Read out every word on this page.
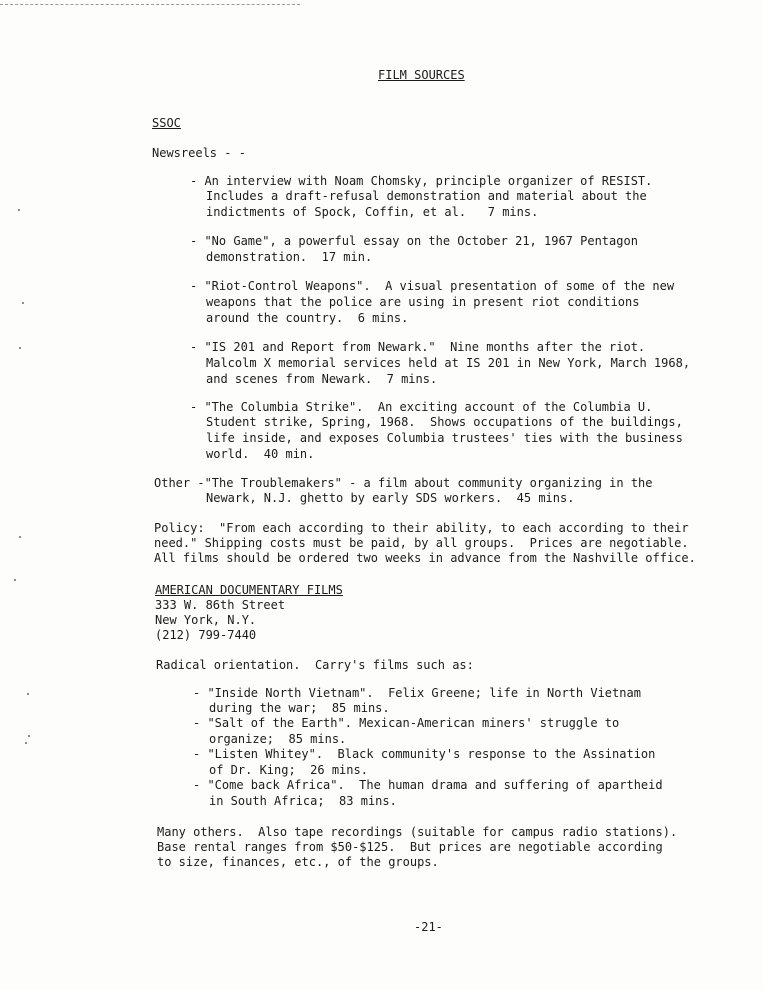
FILM SOURCES
SSOC
Newsreels - -
- An interview with Noam Chomsky, principle organizer of RESIST.
Includes a draft-refusal demonstration and material about the
indictments of Spock, Coffin, et al.   7 mins.
- "No Game", a powerful essay on the October 21, 1967 Pentagon
demonstration.  17 min.
- "Riot-Control Weapons".  A visual presentation of some of the new
weapons that the police are using in present riot conditions
around the country.  6 mins.
- "IS 201 and Report from Newark."  Nine months after the riot.
Malcolm X memorial services held at IS 201 in New York, March 1968,
and scenes from Newark.  7 mins.
- "The Columbia Strike".  An exciting account of the Columbia U.
Student strike, Spring, 1968.  Shows occupations of the buildings,
life inside, and exposes Columbia trustees' ties with the business
world.  40 min.
Other -"The Troublemakers" - a film about community organizing in the
Newark, N.J. ghetto by early SDS workers.  45 mins.
Policy:  "From each according to their ability, to each according to their
need." Shipping costs must be paid, by all groups.  Prices are negotiable.
All films should be ordered two weeks in advance from the Nashville office.
AMERICAN DOCUMENTARY FILMS
333 W. 86th Street
New York, N.Y.
(212) 799-7440
Radical orientation.  Carry's films such as:
- "Inside North Vietnam".  Felix Greene; life in North Vietnam
during the war;  85 mins.
- "Salt of the Earth". Mexican-American miners' struggle to
organize;  85 mins.
- "Listen Whitey".  Black community's response to the Assination
of Dr. King;  26 mins.
- "Come back Africa".  The human drama and suffering of apartheid
in South Africa;  83 mins.
Many others.  Also tape recordings (suitable for campus radio stations).
Base rental ranges from $50-$125.  But prices are negotiable according
to size, finances, etc., of the groups.
-21-
